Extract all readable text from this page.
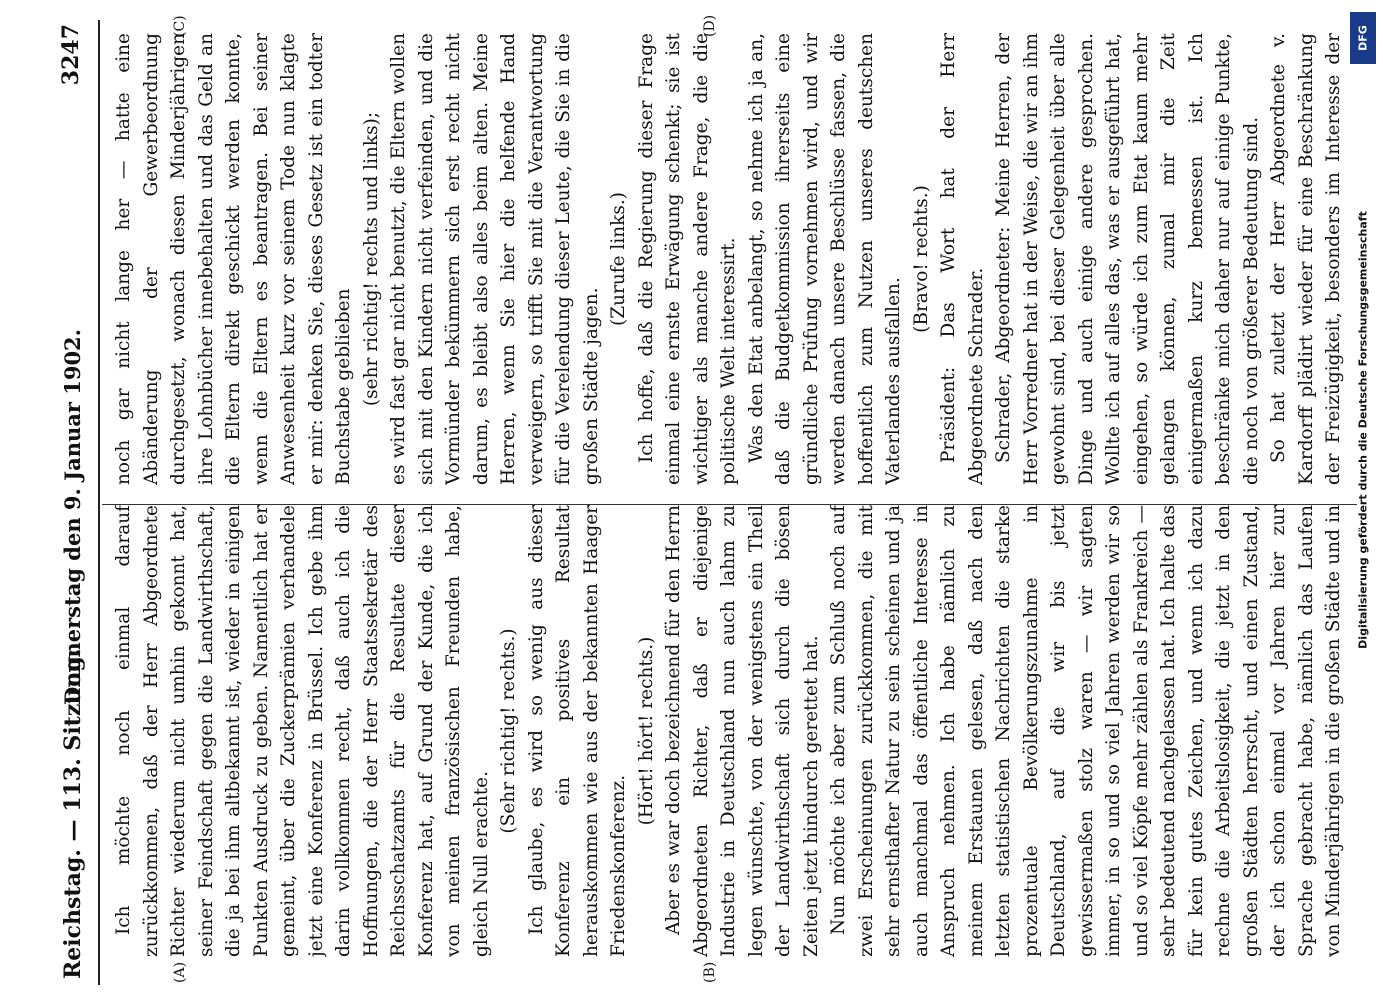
Reichstag. — 113. Sitzung.
Donnerstag den 9. Januar 1902.
3247
(A)	(B)
(C)	(D)

Ich möchte noch einmal darauf zurückkommen, daß der Herr Abgeordnete Richter wiederum nicht umhin gekonnt hat, seiner Feindschaft gegen die Landwirthschaft, die ja bei ihm altbekannt ist, wieder in einigen Punkten Ausdruck zu geben. Namentlich hat er gemeint, über die Zuckerprämien verhandele jetzt eine Konferenz in Brüssel. Ich gebe ihm darin vollkommen recht, daß auch ich die Hoffnungen, die der Herr Staatssekretär des Reichsschatzamts für die Resultate dieser Konferenz hat, auf Grund der Kunde, die ich von meinen französischen Freunden habe, gleich Null erachte.

(Sehr richtig! rechts.) Ich glaube, es wird so wenig aus dieser Konferenz ein positives Resultat herauskommen wie aus der bekannten Haager Friedenskonferenz.

(Hört! hört! rechts.) Aber es war doch bezeichnend für den Herrn Abgeordneten Richter, daß er diejenige Industrie in Deutschland nun auch lahm zu legen wünschte, von der wenigstens ein Theil der Landwirthschaft sich durch die bösen Zeiten jetzt hindurch gerettet hat. Nun möchte ich aber zum Schluß noch auf zwei Erscheinungen zurückkommen, die mit sehr ernsthafter Natur zu sein scheinen und ja auch manchmal das öffentliche Interesse in Anspruch nehmen. Ich habe nämlich zu meinem Erstaunen gelesen, daß nach den letzten statistischen Nachrichten die starke prozentuale Bevölkerungszunahme in Deutschland, auf die wir bis jetzt gewissermaßen stolz waren — wir sagten immer, in so und so viel Jahren werden wir so und so viel Köpfe mehr zählen als Frankreich — sehr bedeutend nachgelassen hat. Ich halte das für kein gutes Zeichen, und wenn ich dazu rechne die Arbeitslosigkeit, die jetzt in den großen Städten herrscht, und einen Zustand, der ich schon einmal vor Jahren hier zur Sprache gebracht habe, nämlich das Laufen von Minderjährigen in die großen Städte und in

noch gar nicht lange her — hatte eine Abänderung der Gewerbeordnung durchgesetzt, wonach diesen Minderjährigen ihre Lohnbücher innebehalten und das Geld an die Eltern direkt geschickt werden konnte, wenn die Eltern es beantragen. Bei seiner Anwesenheit kurz vor seinem Tode nun klagte er mir: denken Sie, dieses Gesetz ist ein todter Buchstabe geblieben (sehr richtig! rechts und links); es wird fast gar nicht benutzt, die Eltern wollen sich mit den Kindern nicht verfeinden, und die Vormünder bekümmern sich erst recht nicht darum, es bleibt also alles beim alten. Meine Herren, wenn Sie hier die helfende Hand verweigern, so trifft Sie mit die Verantwortung für die Verelendung dieser Leute, die Sie in die großen Städte jagen.

(Zurufe links.) Ich hoffe, daß die Regierung dieser Frage einmal eine ernste Erwägung schenkt; sie ist wichtiger als manche andere Frage, die die politische Welt interessirt. Was den Etat anbelangt, so nehme ich ja an, daß die Budgetkommission ihrerseits eine gründliche Prüfung vornehmen wird, und wir werden danach unsere Beschlüsse fassen, die hoffentlich zum Nutzen unseres deutschen Vaterlandes ausfallen.

(Bravo! rechts.) Präsident: Das Wort hat der Herr Abgeordnete Schrader. Schrader, Abgeordneter: Meine Herren, der Herr Vorredner hat in der Weise, die wir an ihm gewohnt sind, bei dieser Gelegenheit über alle Dinge und auch einige andere gesprochen. Wollte ich auf alles das, was er ausgeführt hat, eingehen, so würde ich zum Etat kaum mehr gelangen können, zumal mir die Zeit einigermaßen kurz bemessen ist. Ich beschränke mich daher nur auf einige Punkte, die noch von größerer Bedeutung sind. So hat zuletzt der Herr Abgeordnete v. Kardorff plädirt wieder für eine Beschränkung der Freizügigkeit, besonders im Interesse der	DFG
Digitalisierung gefördert durch die Deutsche Forschungsgemeinschaft
